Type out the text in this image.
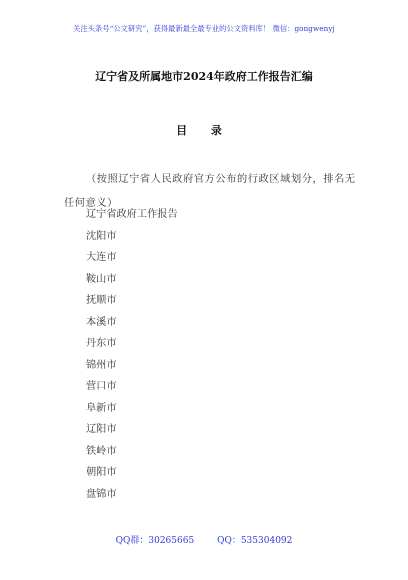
关注头条号“公文研究”，获得最新最全最专业的公文资料库！ 微信：gongwenyj
辽宁省及所属地市2024年政府工作报告汇编
目 录
（按照辽宁省人民政府官方公布的行政区域划分，排名无任何意义）
辽宁省政府工作报告
沈阳市
大连市
鞍山市
抚顺市
本溪市
丹东市
锦州市
营口市
阜新市
辽阳市
铁岭市
朝阳市
盘锦市
QQ群：30265665	QQ：535304092
